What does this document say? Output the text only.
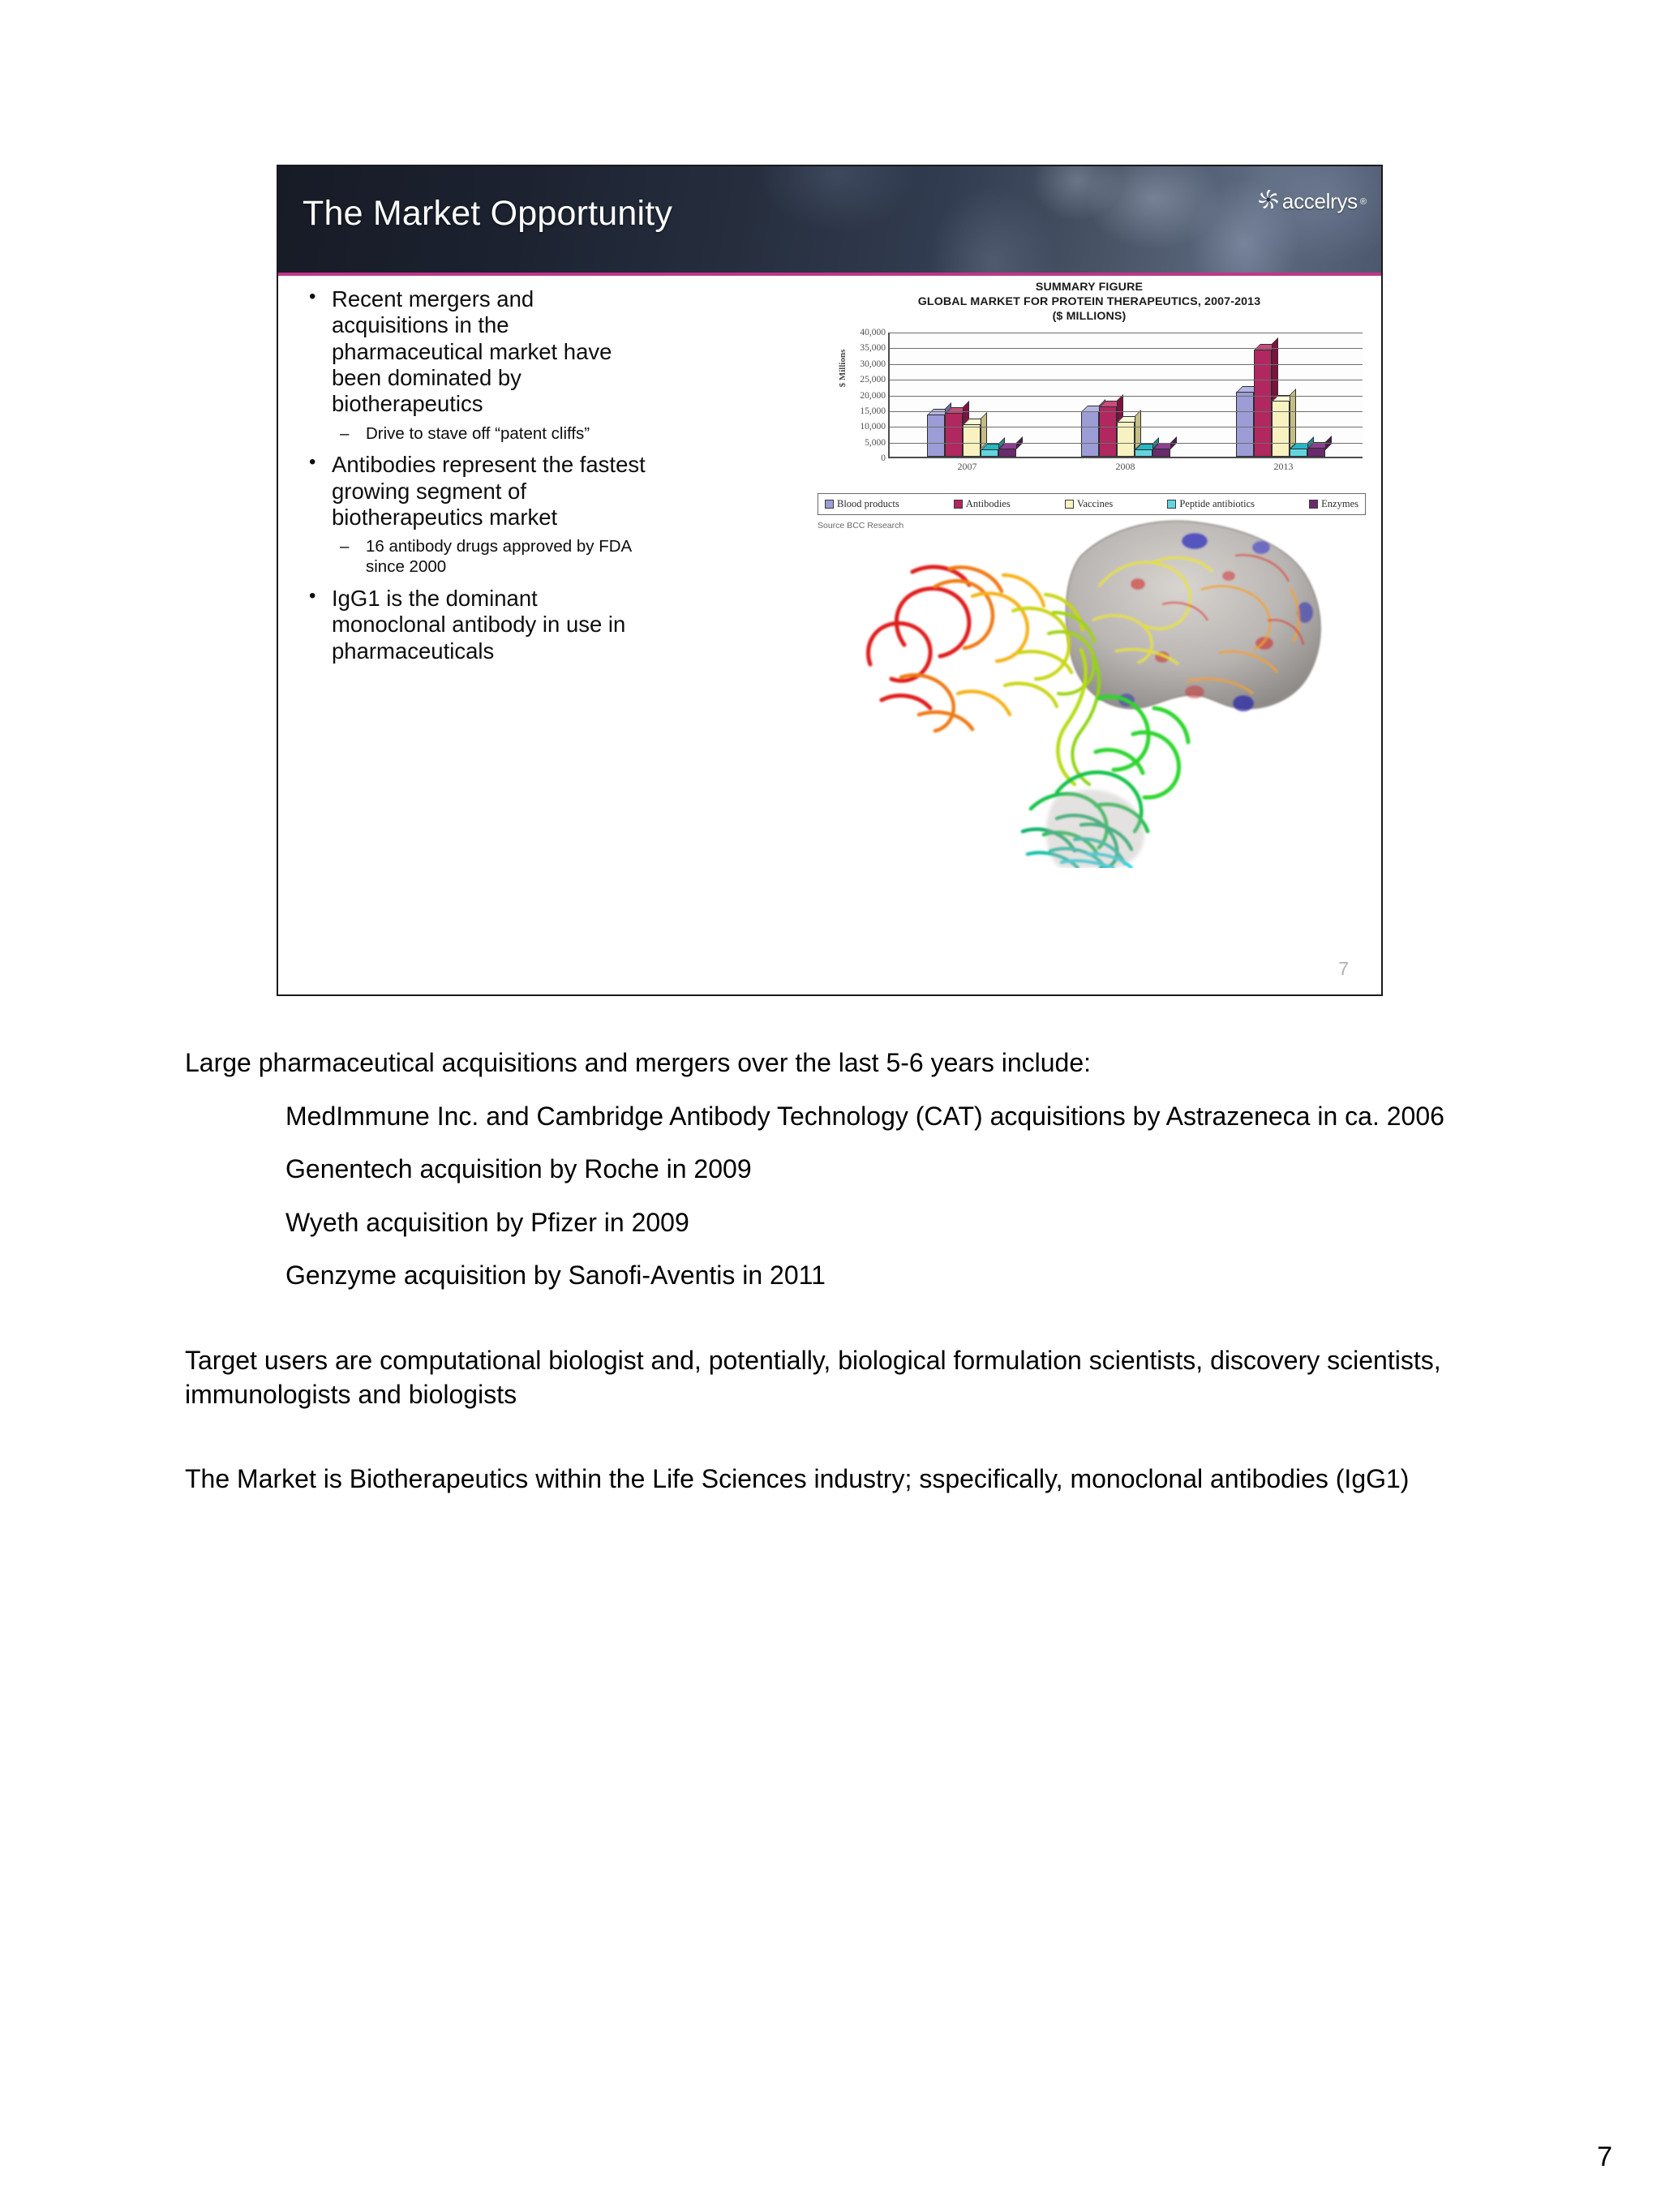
The Market Opportunity	accelrys ®
• Recent mergers and acquisitions in the pharmaceutical market have been dominated by biotherapeutics
– Drive to stave off “patent cliffs”
• Antibodies represent the fastest growing segment of biotherapeutics market
– 16 antibody drugs approved by FDA since 2000
• IgG1 is the dominant monoclonal antibody in use in pharmaceuticals
SUMMARY FIGURE
GLOBAL MARKET FOR PROTEIN THERAPEUTICS, 2007-2013
($ MILLIONS)
$ Millions
40,000
35,000
30,000
25,000
20,000
15,000
10,000
5,000
0
2007	2008	2013
Blood products	Antibodies	Vaccines	Peptide antibiotics	Enzymes
Source BCC Research
7
Large pharmaceutical acquisitions and mergers over the last 5-6 years include:
MedImmune Inc. and Cambridge Antibody Technology (CAT) acquisitions by Astrazeneca in ca. 2006
Genentech acquisition by Roche in 2009
Wyeth acquisition by Pfizer in 2009
Genzyme acquisition by Sanofi-Aventis in 2011
Target users are computational biologist and, potentially, biological formulation scientists, discovery scientists, immunologists and biologists
The Market is Biotherapeutics within the Life Sciences industry; sspecifically, monoclonal antibodies (IgG1)
7
